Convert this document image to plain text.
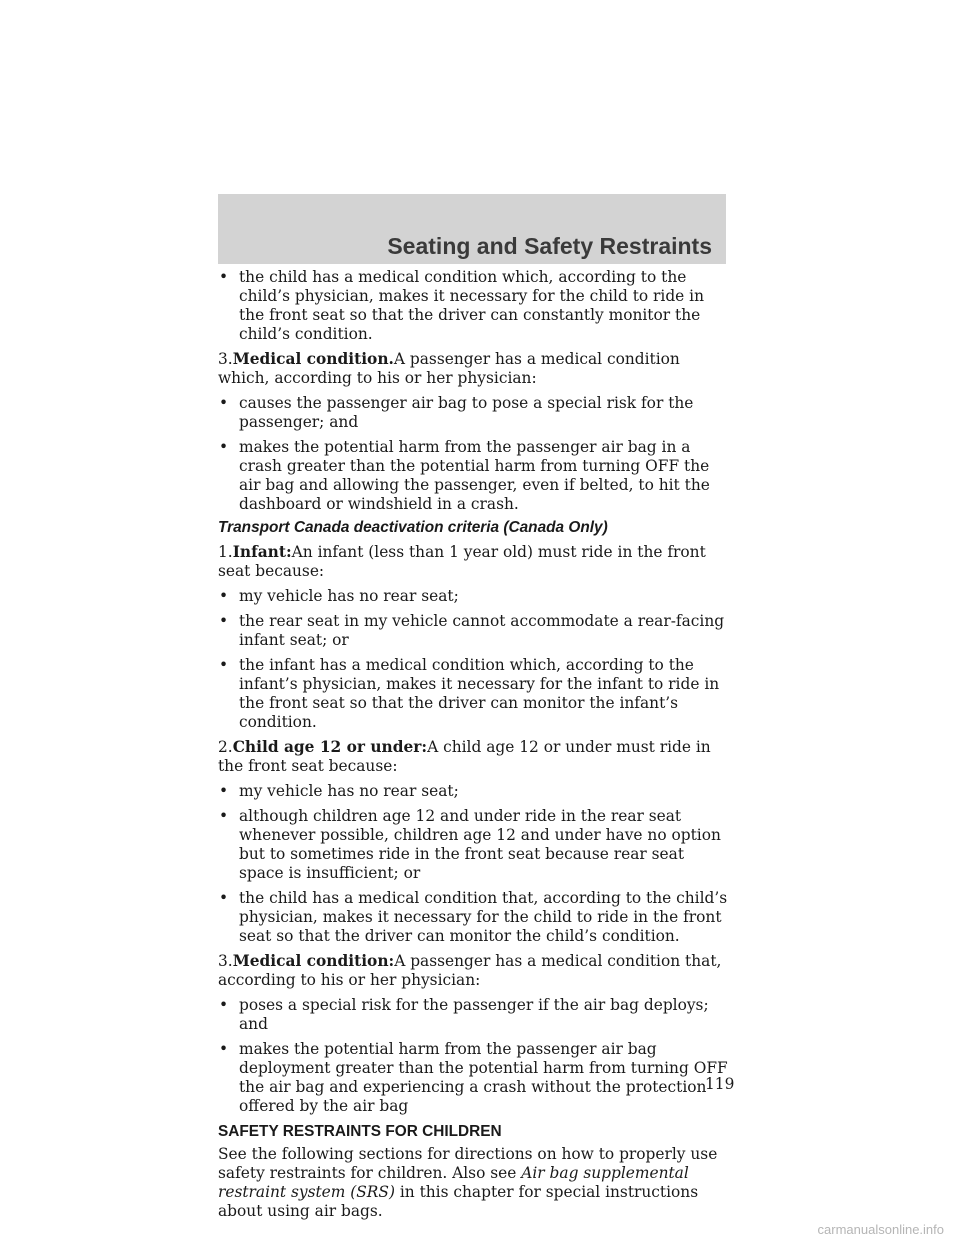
Seating and Safety Restraints
• the child has a medical condition which, according to the child’s physician, makes it necessary for the child to ride in the front seat so that the driver can constantly monitor the child’s condition.

3.Medical condition.A passenger has a medical condition which, according to his or her physician:

• causes the passenger air bag to pose a special risk for the passenger; and
• makes the potential harm from the passenger air bag in a crash greater than the potential harm from turning OFF the air bag and allowing the passenger, even if belted, to hit the dashboard or windshield in a crash.
Transport Canada deactivation criteria (Canada Only)

1.Infant:An infant (less than 1 year old) must ride in the front seat because:

• my vehicle has no rear seat;
• the rear seat in my vehicle cannot accommodate a rear-facing infant seat; or
• the infant has a medical condition which, according to the infant’s physician, makes it necessary for the infant to ride in the front seat so that the driver can monitor the infant’s condition.

2.Child age 12 or under:A child age 12 or under must ride in the front seat because:

• my vehicle has no rear seat;
• although children age 12 and under ride in the rear seat whenever possible, children age 12 and under have no option but to sometimes ride in the front seat because rear seat space is insufficient; or
• the child has a medical condition that, according to the child’s physician, makes it necessary for the child to ride in the front seat so that the driver can monitor the child’s condition.

3.Medical condition:A passenger has a medical condition that, according to his or her physician:

• poses a special risk for the passenger if the air bag deploys; and
• makes the potential harm from the passenger air bag deployment greater than the potential harm from turning OFF the air bag and experiencing a crash without the protection offered by the air bag
SAFETY RESTRAINTS FOR CHILDREN

See the following sections for directions on how to properly use safety restraints for children. Also see Air bag supplemental restraint system (SRS) in this chapter for special instructions about using air bags.

119
carmanualsonline.info
